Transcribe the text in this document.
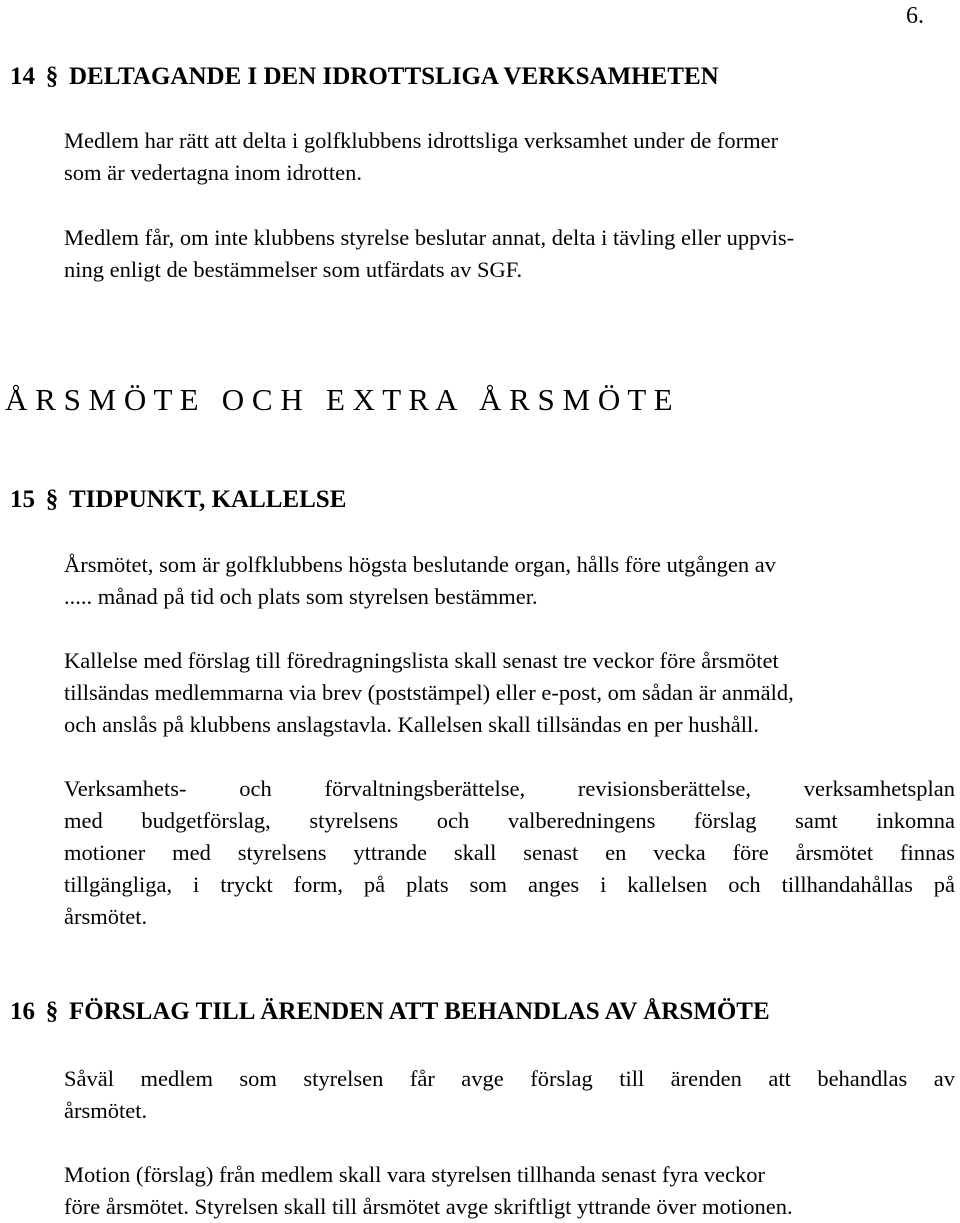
6.
14 § DELTAGANDE I DEN IDROTTSLIGA VERKSAMHETEN
Medlem har rätt att delta i golfklubbens idrottsliga verksamhet under de former
som är vedertagna inom idrotten.
Medlem får, om inte klubbens styrelse beslutar annat, delta i tävling eller uppvis-
ning enligt de bestämmelser som utfärdats av SGF.
Å R S M Ö T E   O C H   E X T R A   Å R S M Ö T E
15 § TIDPUNKT, KALLELSE
Årsmötet, som är golfklubbens högsta beslutande organ, hålls före utgången av
..... månad på tid och plats som styrelsen bestämmer.
Kallelse med förslag till föredragningslista skall senast tre veckor före årsmötet
tillsändas medlemmarna via brev (poststämpel) eller e-post, om sådan är anmäld,
och anslås på klubbens anslagstavla. Kallelsen skall tillsändas en per hushåll.
Verksamhets- och förvaltningsberättelse, revisionsberättelse, verksamhetsplan
med budgetförslag, styrelsens och valberedningens förslag samt inkomna
motioner med styrelsens yttrande skall senast en vecka före årsmötet finnas
tillgängliga, i tryckt form, på plats som anges i kallelsen och tillhandahållas på
årsmötet.
16 § FÖRSLAG TILL ÄRENDEN ATT BEHANDLAS AV ÅRSMÖTE
Såväl medlem som styrelsen får avge förslag till ärenden att behandlas av
årsmötet.
Motion (förslag) från medlem skall vara styrelsen tillhanda senast fyra veckor
före årsmötet. Styrelsen skall till årsmötet avge skriftligt yttrande över motionen.
